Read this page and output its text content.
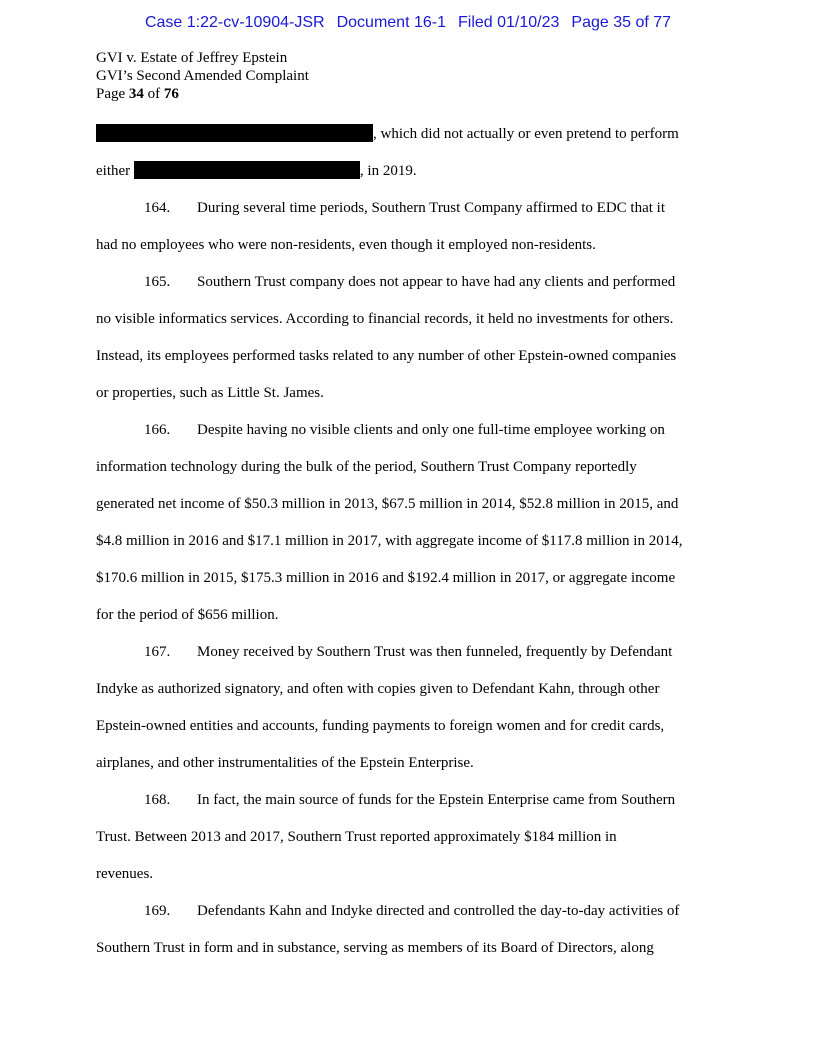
Case 1:22-cv-10904-JSR Document 16-1 Filed 01/10/23 Page 35 of 77
GVI v. Estate of Jeffrey Epstein
GVI’s Second Amended Complaint
Page 34 of 76
, which did not actually or even pretend to perform
either	, in 2019.
164. During several time periods, Southern Trust Company affirmed to EDC that it
had no employees who were non-residents, even though it employed non-residents.
165. Southern Trust company does not appear to have had any clients and performed
no visible informatics services. According to financial records, it held no investments for others.
Instead, its employees performed tasks related to any number of other Epstein-owned companies
or properties, such as Little St. James.
166. Despite having no visible clients and only one full-time employee working on
information technology during the bulk of the period, Southern Trust Company reportedly
generated net income of $50.3 million in 2013, $67.5 million in 2014, $52.8 million in 2015, and
$4.8 million in 2016 and $17.1 million in 2017, with aggregate income of $117.8 million in 2014,
$170.6 million in 2015, $175.3 million in 2016 and $192.4 million in 2017, or aggregate income
for the period of $656 million.
167. Money received by Southern Trust was then funneled, frequently by Defendant
Indyke as authorized signatory, and often with copies given to Defendant Kahn, through other
Epstein-owned entities and accounts, funding payments to foreign women and for credit cards,
airplanes, and other instrumentalities of the Epstein Enterprise.
168. In fact, the main source of funds for the Epstein Enterprise came from Southern
Trust. Between 2013 and 2017, Southern Trust reported approximately $184 million in
revenues.
169. Defendants Kahn and Indyke directed and controlled the day-to-day activities of
Southern Trust in form and in substance, serving as members of its Board of Directors, along
